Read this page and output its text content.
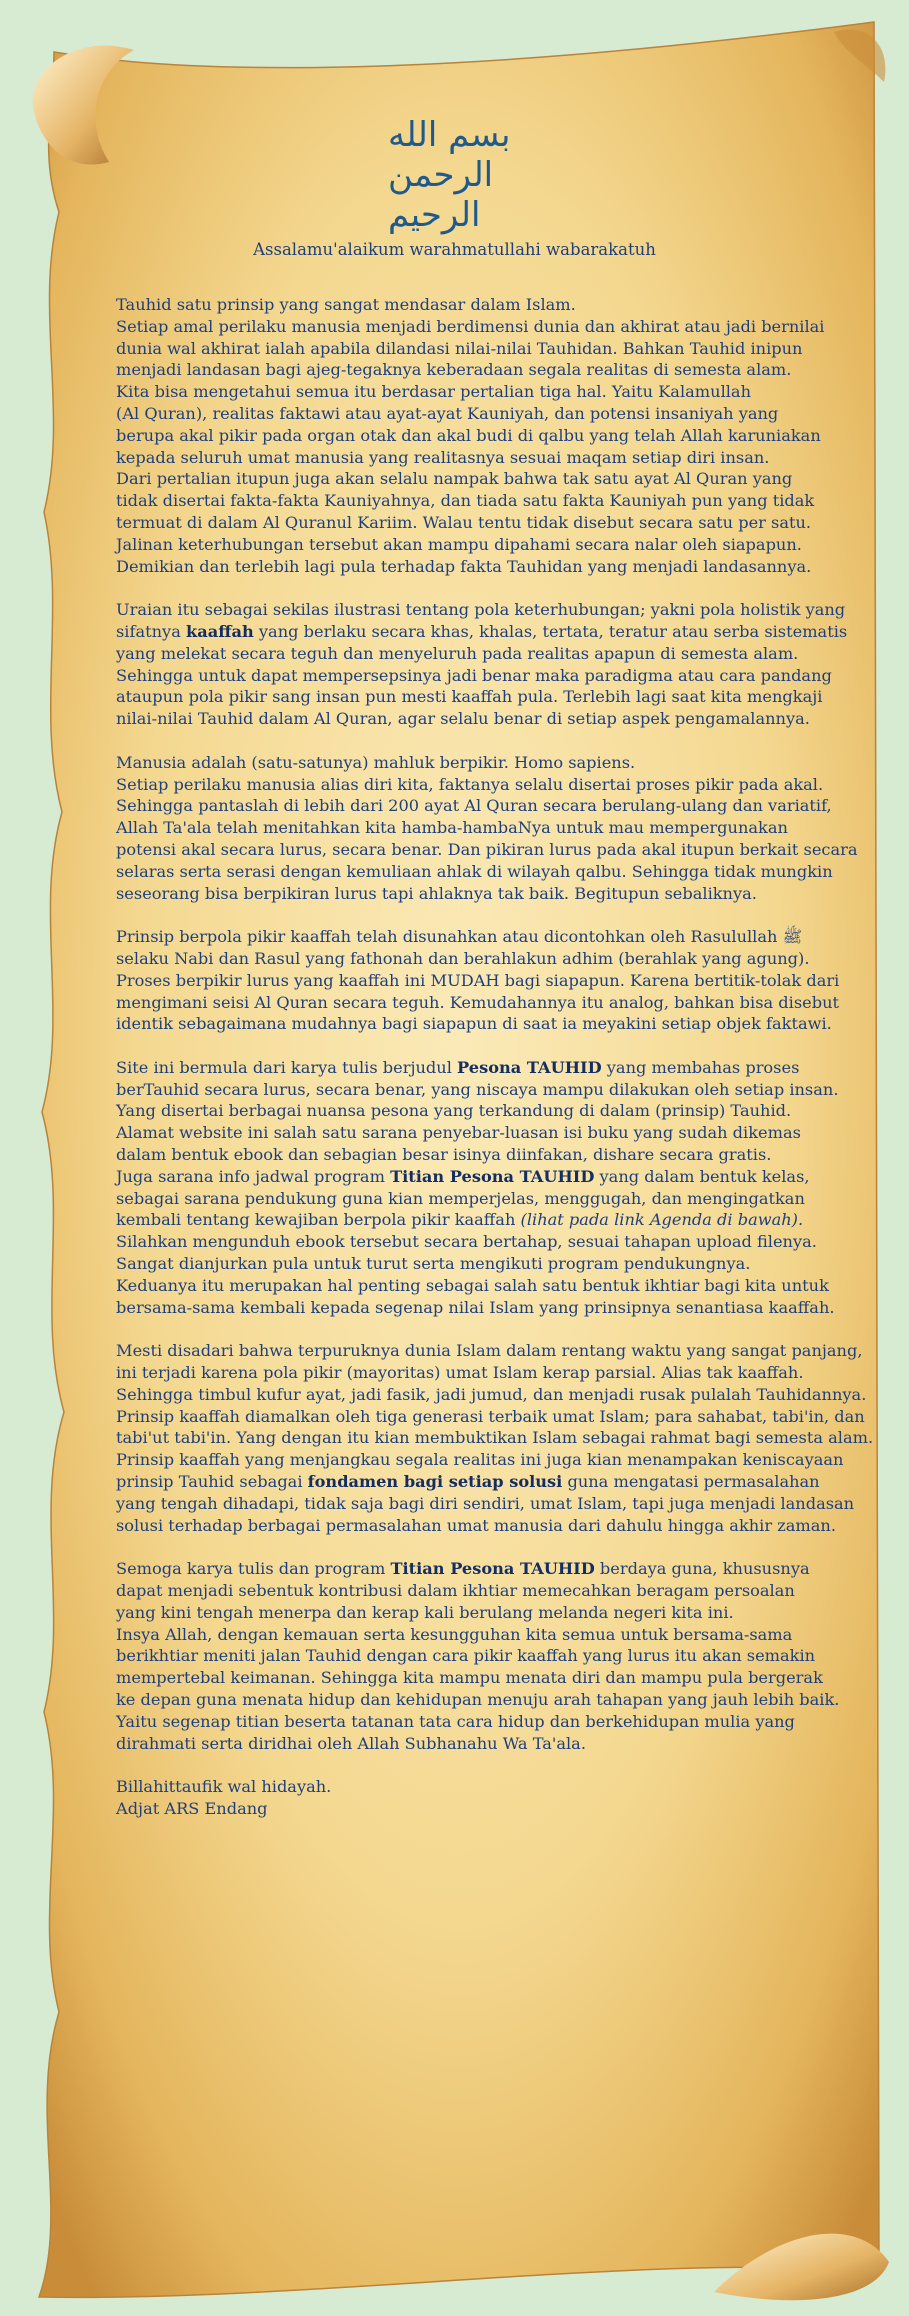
بسم الله الرحمن الرحيم
Assalamu'alaikum warahmatullahi wabarakatuh
Tauhid satu prinsip yang sangat mendasar dalam Islam.
Setiap amal perilaku manusia menjadi berdimensi dunia dan akhirat atau jadi bernilai
dunia wal akhirat ialah apabila dilandasi nilai-nilai Tauhidan. Bahkan Tauhid inipun
menjadi landasan bagi ajeg-tegaknya keberadaan segala realitas di semesta alam.
Kita bisa mengetahui semua itu berdasar pertalian tiga hal. Yaitu Kalamullah
(Al Quran), realitas faktawi atau ayat-ayat Kauniyah, dan potensi insaniyah yang
berupa akal pikir pada organ otak dan akal budi di qalbu yang telah Allah karuniakan
kepada seluruh umat manusia yang realitasnya sesuai maqam setiap diri insan.
Dari pertalian itupun juga akan selalu nampak bahwa tak satu ayat Al Quran yang
tidak disertai fakta-fakta Kauniyahnya, dan tiada satu fakta Kauniyah pun yang tidak
termuat di dalam Al Quranul Kariim. Walau tentu tidak disebut secara satu per satu.
Jalinan keterhubungan tersebut akan mampu dipahami secara nalar oleh siapapun.
Demikian dan terlebih lagi pula terhadap fakta Tauhidan yang menjadi landasannya.
Uraian itu sebagai sekilas ilustrasi tentang pola keterhubungan; yakni pola holistik yang
sifatnya kaaffah yang berlaku secara khas, khalas, tertata, teratur atau serba sistematis
yang melekat secara teguh dan menyeluruh pada realitas apapun di semesta alam.
Sehingga untuk dapat mempersepsinya jadi benar maka paradigma atau cara pandang
ataupun pola pikir sang insan pun mesti kaaffah pula. Terlebih lagi saat kita mengkaji
nilai-nilai Tauhid dalam Al Quran, agar selalu benar di setiap aspek pengamalannya.
Manusia adalah (satu-satunya) mahluk berpikir. Homo sapiens.
Setiap perilaku manusia alias diri kita, faktanya selalu disertai proses pikir pada akal.
Sehingga pantaslah di lebih dari 200 ayat Al Quran secara berulang-ulang dan variatif,
Allah Ta'ala telah menitahkan kita hamba-hambaNya untuk mau mempergunakan
potensi akal secara lurus, secara benar. Dan pikiran lurus pada akal itupun berkait secara
selaras serta serasi dengan kemuliaan ahlak di wilayah qalbu. Sehingga tidak mungkin
seseorang bisa berpikiran lurus tapi ahlaknya tak baik. Begitupun sebaliknya.
Prinsip berpola pikir kaaffah telah disunahkan atau dicontohkan oleh Rasulullah ﷺ
selaku Nabi dan Rasul yang fathonah dan berahlakun adhim (berahlak yang agung).
Proses berpikir lurus yang kaaffah ini MUDAH bagi siapapun. Karena bertitik-tolak dari
mengimani seisi Al Quran secara teguh. Kemudahannya itu analog, bahkan bisa disebut
identik sebagaimana mudahnya bagi siapapun di saat ia meyakini setiap objek faktawi.
Site ini bermula dari karya tulis berjudul Pesona TAUHID yang membahas proses
berTauhid secara lurus, secara benar, yang niscaya mampu dilakukan oleh setiap insan.
Yang disertai berbagai nuansa pesona yang terkandung di dalam (prinsip) Tauhid.
Alamat website ini salah satu sarana penyebar-luasan isi buku yang sudah dikemas
dalam bentuk ebook dan sebagian besar isinya diinfakan, dishare secara gratis.
Juga sarana info jadwal program Titian Pesona TAUHID yang dalam bentuk kelas,
sebagai sarana pendukung guna kian memperjelas, menggugah, dan mengingatkan
kembali tentang kewajiban berpola pikir kaaffah (lihat pada link Agenda di bawah).
Silahkan mengunduh ebook tersebut secara bertahap, sesuai tahapan upload filenya.
Sangat dianjurkan pula untuk turut serta mengikuti program pendukungnya.
Keduanya itu merupakan hal penting sebagai salah satu bentuk ikhtiar bagi kita untuk
bersama-sama kembali kepada segenap nilai Islam yang prinsipnya senantiasa kaaffah.
Mesti disadari bahwa terpuruknya dunia Islam dalam rentang waktu yang sangat panjang,
ini terjadi karena pola pikir (mayoritas) umat Islam kerap parsial. Alias tak kaaffah.
Sehingga timbul kufur ayat, jadi fasik, jadi jumud, dan menjadi rusak pulalah Tauhidannya.
Prinsip kaaffah diamalkan oleh tiga generasi terbaik umat Islam; para sahabat, tabi'in, dan
tabi'ut tabi'in. Yang dengan itu kian membuktikan Islam sebagai rahmat bagi semesta alam.
Prinsip kaaffah yang menjangkau segala realitas ini juga kian menampakan keniscayaan
prinsip Tauhid sebagai fondamen bagi setiap solusi guna mengatasi permasalahan
yang tengah dihadapi, tidak saja bagi diri sendiri, umat Islam, tapi juga menjadi landasan
solusi terhadap berbagai permasalahan umat manusia dari dahulu hingga akhir zaman.
Semoga karya tulis dan program Titian Pesona TAUHID berdaya guna, khususnya
dapat menjadi sebentuk kontribusi dalam ikhtiar memecahkan beragam persoalan
yang kini tengah menerpa dan kerap kali berulang melanda negeri kita ini.
Insya Allah, dengan kemauan serta kesungguhan kita semua untuk bersama-sama
berikhtiar meniti jalan Tauhid dengan cara pikir kaaffah yang lurus itu akan semakin
mempertebal keimanan. Sehingga kita mampu menata diri dan mampu pula bergerak
ke depan guna menata hidup dan kehidupan menuju arah tahapan yang jauh lebih baik.
Yaitu segenap titian beserta tatanan tata cara hidup dan berkehidupan mulia yang
dirahmati serta diridhai oleh Allah Subhanahu Wa Ta'ala.
Billahittaufik wal hidayah.
Adjat ARS Endang
